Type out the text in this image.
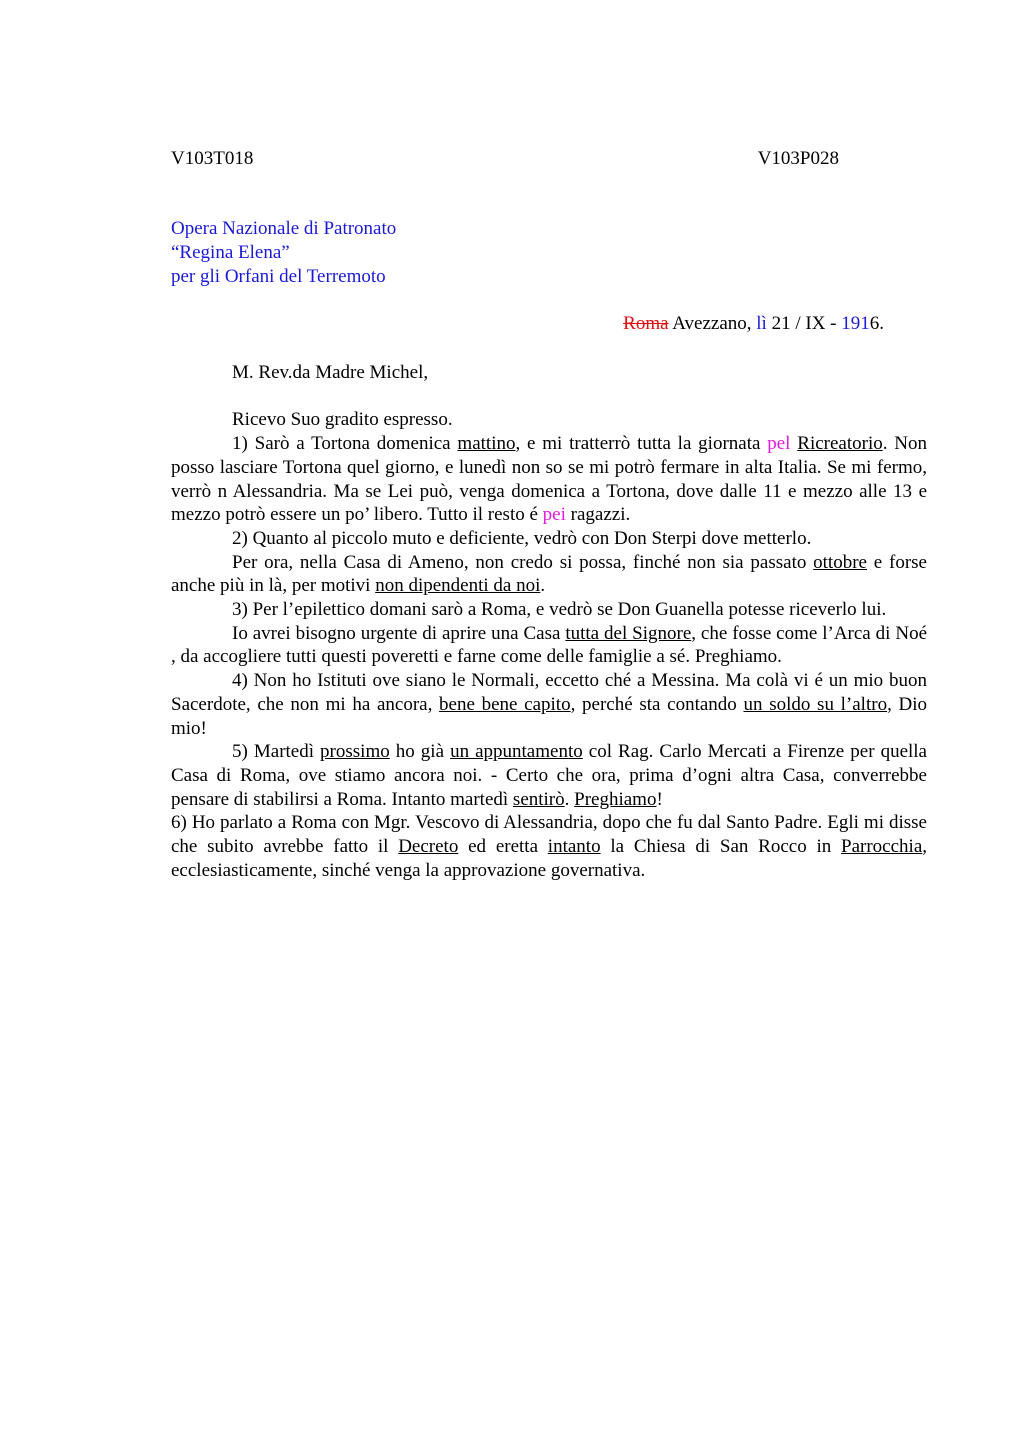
V103T018	V103P028
Opera Nazionale di Patronato
“Regina Elena”
per gli Orfani del Terremoto
Roma Avezzano, lì 21 / IX - 1916.

M. Rev.da Madre Michel,

Ricevo Suo gradito espresso.

1) Sarò a Tortona domenica mattino, e mi tratterrò tutta la giornata pel Ricreatorio. Non posso lasciare Tortona quel giorno, e lunedì non so se mi potrò fermare in alta Italia. Se mi fermo, verrò n Alessandria. Ma se Lei può, venga domenica a Tortona, dove dalle 11 e mezzo alle 13 e mezzo potrò essere un po’ libero. Tutto il resto é pei ragazzi.

2) Quanto al piccolo muto e deficiente, vedrò con Don Sterpi dove metterlo.

Per ora, nella Casa di Ameno, non credo si possa, finché non sia passato ottobre e forse anche più in là, per motivi non dipendenti da noi.

3) Per l’epilettico domani sarò a Roma, e vedrò se Don Guanella potesse riceverlo lui.

Io avrei bisogno urgente di aprire una Casa tutta del Signore, che fosse come l’Arca di Noé , da accogliere tutti questi poveretti e farne come delle famiglie a sé. Preghiamo.

4) Non ho Istituti ove siano le Normali, eccetto ché a Messina. Ma colà vi é un mio buon Sacerdote, che non mi ha ancora, bene bene capito, perché sta contando un soldo su l’altro, Dio mio!

5) Martedì prossimo ho già un appuntamento col Rag. Carlo Mercati a Firenze per quella Casa di Roma, ove stiamo ancora noi. - Certo che ora, prima d’ogni altra Casa, converrebbe pensare di stabilirsi a Roma. Intanto martedì sentirò. Preghiamo!

6) Ho parlato a Roma con Mgr. Vescovo di Alessandria, dopo che fu dal Santo Padre. Egli mi disse che subito avrebbe fatto il Decreto ed eretta intanto la Chiesa di San Rocco in Parrocchia, ecclesiasticamente, sinché venga la approvazione governativa.
